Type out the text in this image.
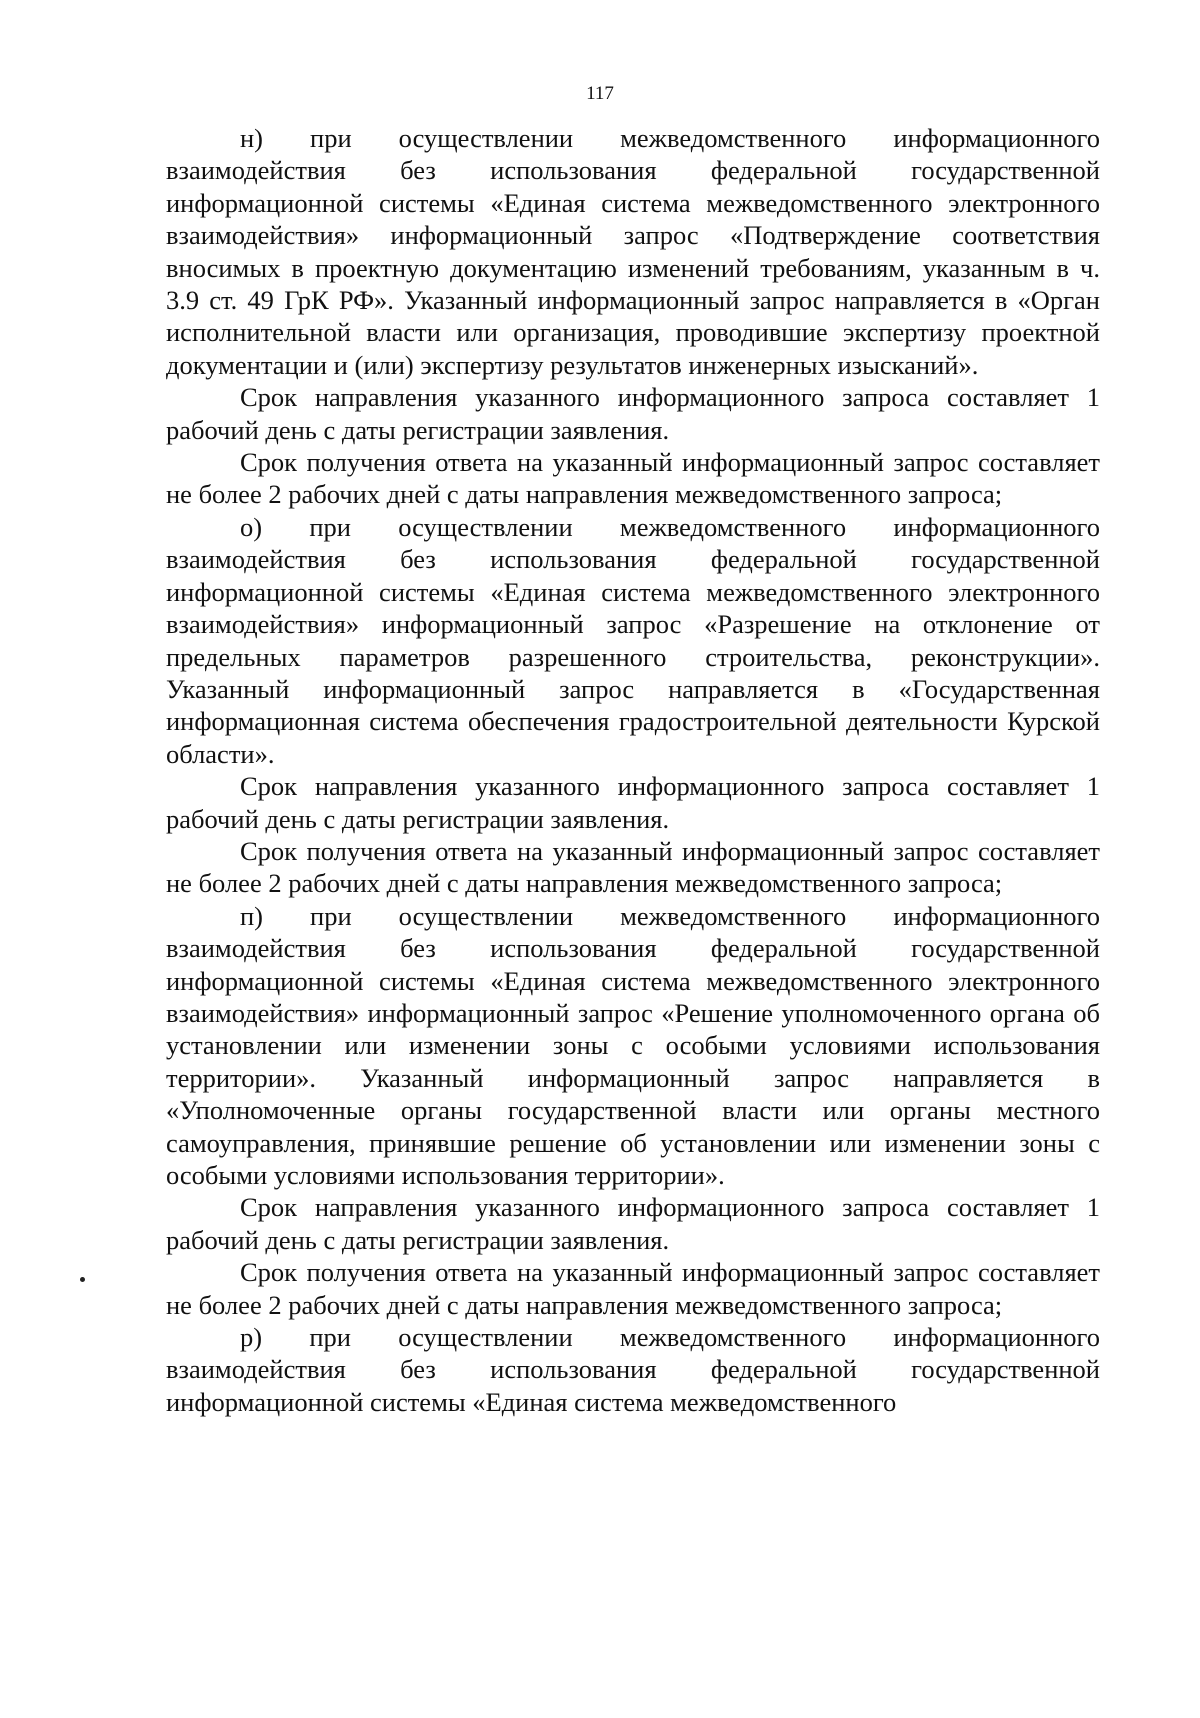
117

н) при осуществлении межведомственного информационного взаимодействия без использования федеральной государственной информационной системы «Единая система межведомственного электронного взаимодействия» информационный запрос «Подтверждение соответствия вносимых в проектную документацию изменений требованиям, указанным в ч. 3.9 ст. 49 ГрК РФ». Указанный информационный запрос направляется в «Орган исполнительной власти или организация, проводившие экспертизу проектной документации и (или) экспертизу результатов инженерных изысканий».

Срок направления указанного информационного запроса составляет 1 рабочий день с даты регистрации заявления.

Срок получения ответа на указанный информационный запрос составляет не более 2 рабочих дней с даты направления межведомственного запроса;

о) при осуществлении межведомственного информационного взаимодействия без использования федеральной государственной информационной системы «Единая система межведомственного электронного взаимодействия» информационный запрос «Разрешение на отклонение от предельных параметров разрешенного строительства, реконструкции». Указанный информационный запрос направляется в «Государственная информационная система обеспечения градостроительной деятельности Курской области».

Срок направления указанного информационного запроса составляет 1 рабочий день с даты регистрации заявления.

Срок получения ответа на указанный информационный запрос составляет не более 2 рабочих дней с даты направления межведомственного запроса;

п) при осуществлении межведомственного информационного взаимодействия без использования федеральной государственной информационной системы «Единая система межведомственного электронного взаимодействия» информационный запрос «Решение уполномоченного органа об установлении или изменении зоны с особыми условиями использования территории». Указанный информационный запрос направляется в «Уполномоченные органы государственной власти или органы местного самоуправления, принявшие решение об установлении или изменении зоны с особыми условиями использования территории».

Срок направления указанного информационного запроса составляет 1 рабочий день с даты регистрации заявления.

Срок получения ответа на указанный информационный запрос составляет не более 2 рабочих дней с даты направления межведомственного запроса;

р) при осуществлении межведомственного информационного взаимодействия без использования федеральной государственной информационной системы «Единая система межведомственного
